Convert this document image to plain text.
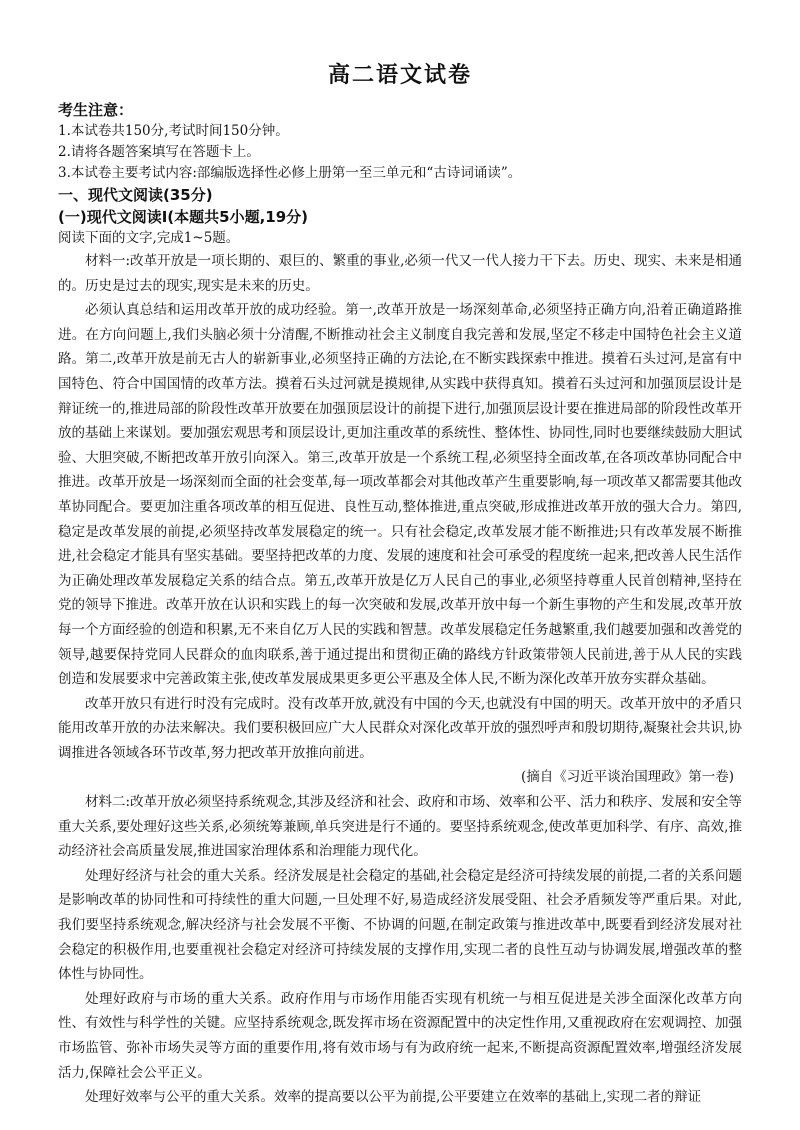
高二语文试卷
考生注意：
1.本试卷共150分,考试时间150分钟。
2.请将各题答案填写在答题卡上。
3.本试卷主要考试内容:部编版选择性必修上册第一至三单元和“古诗词诵读”。
一、现代文阅读(35分)
(一)现代文阅读Ⅰ(本题共5小题,19分)
阅读下面的文字,完成1~5题。
材料一:改革开放是一项长期的、艰巨的、繁重的事业,必须一代又一代人接力干下去。历史、现实、未来是相通的。历史是过去的现实,现实是未来的历史。
必须认真总结和运用改革开放的成功经验。第一,改革开放是一场深刻革命,必须坚持正确方向,沿着正确道路推进。在方向问题上,我们头脑必须十分清醒,不断推动社会主义制度自我完善和发展,坚定不移走中国特色社会主义道路。第二,改革开放是前无古人的崭新事业,必须坚持正确的方法论,在不断实践探索中推进。摸着石头过河,是富有中国特色、符合中国国情的改革方法。摸着石头过河就是摸规律,从实践中获得真知。摸着石头过河和加强顶层设计是辩证统一的,推进局部的阶段性改革开放要在加强顶层设计的前提下进行,加强顶层设计要在推进局部的阶段性改革开放的基础上来谋划。要加强宏观思考和顶层设计,更加注重改革的系统性、整体性、协同性,同时也要继续鼓励大胆试验、大胆突破,不断把改革开放引向深入。第三,改革开放是一个系统工程,必须坚持全面改革,在各项改革协同配合中推进。改革开放是一场深刻而全面的社会变革,每一项改革都会对其他改革产生重要影响,每一项改革又都需要其他改革协同配合。要更加注重各项改革的相互促进、良性互动,整体推进,重点突破,形成推进改革开放的强大合力。第四,稳定是改革发展的前提,必须坚持改革发展稳定的统一。只有社会稳定,改革发展才能不断推进;只有改革发展不断推进,社会稳定才能具有坚实基础。要坚持把改革的力度、发展的速度和社会可承受的程度统一起来,把改善人民生活作为正确处理改革发展稳定关系的结合点。第五,改革开放是亿万人民自己的事业,必须坚持尊重人民首创精神,坚持在党的领导下推进。改革开放在认识和实践上的每一次突破和发展,改革开放中每一个新生事物的产生和发展,改革开放每一个方面经验的创造和积累,无不来自亿万人民的实践和智慧。改革发展稳定任务越繁重,我们越要加强和改善党的领导,越要保持党同人民群众的血肉联系,善于通过提出和贯彻正确的路线方针政策带领人民前进,善于从人民的实践创造和发展要求中完善政策主张,使改革发展成果更多更公平惠及全体人民,不断为深化改革开放夯实群众基础。
改革开放只有进行时没有完成时。没有改革开放,就没有中国的今天,也就没有中国的明天。改革开放中的矛盾只能用改革开放的办法来解决。我们要积极回应广大人民群众对深化改革开放的强烈呼声和殷切期待,凝聚社会共识,协调推进各领域各环节改革,努力把改革开放推向前进。
(摘自《习近平谈治国理政》第一卷)
材料二:改革开放必须坚持系统观念,其涉及经济和社会、政府和市场、效率和公平、活力和秩序、发展和安全等重大关系,要处理好这些关系,必须统筹兼顾,单兵突进是行不通的。要坚持系统观念,使改革更加科学、有序、高效,推动经济社会高质量发展,推进国家治理体系和治理能力现代化。
处理好经济与社会的重大关系。经济发展是社会稳定的基础,社会稳定是经济可持续发展的前提,二者的关系问题是影响改革的协同性和可持续性的重大问题,一旦处理不好,易造成经济发展受阻、社会矛盾频发等严重后果。对此,我们要坚持系统观念,解决经济与社会发展不平衡、不协调的问题,在制定政策与推进改革中,既要看到经济发展对社会稳定的积极作用,也要重视社会稳定对经济可持续发展的支撑作用,实现二者的良性互动与协调发展,增强改革的整体性与协同性。
处理好政府与市场的重大关系。政府作用与市场作用能否实现有机统一与相互促进是关涉全面深化改革方向性、有效性与科学性的关键。应坚持系统观念,既发挥市场在资源配置中的决定性作用,又重视政府在宏观调控、加强市场监管、弥补市场失灵等方面的重要作用,将有效市场与有为政府统一起来,不断提高资源配置效率,增强经济发展活力,保障社会公平正义。
处理好效率与公平的重大关系。效率的提高要以公平为前提,公平要建立在效率的基础上,实现二者的辩证
